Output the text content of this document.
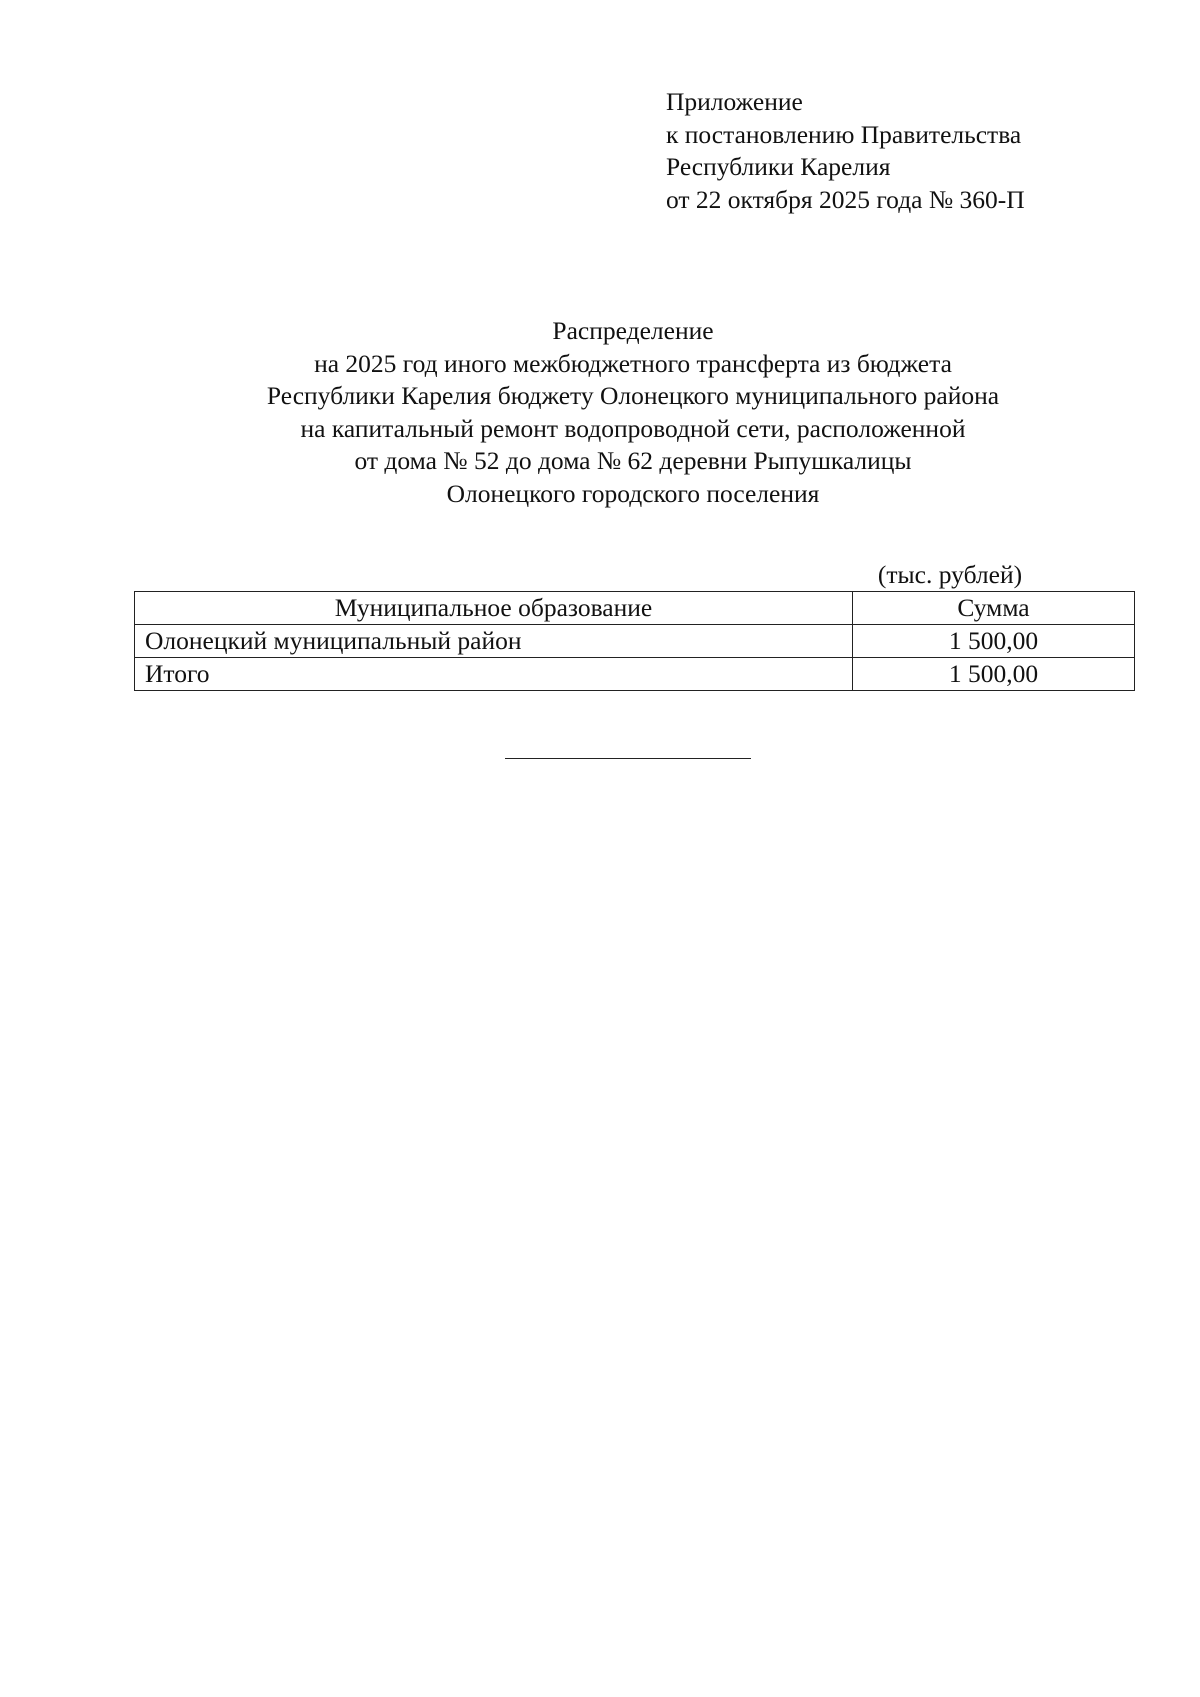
Приложение
к постановлению Правительства
Республики Карелия
от 22 октября 2025 года № 360-П
Распределение
на 2025 год иного межбюджетного трансферта из бюджета
Республики Карелия бюджету Олонецкого муниципального района
на капитальный ремонт водопроводной сети, расположенной
от дома № 52 до дома № 62 деревни Рыпушкалицы
Олонецкого городского поселения
(тыс. рублей)
Муниципальное образование	Сумма
Олонецкий муниципальный район	1 500,00
Итого	1 500,00
